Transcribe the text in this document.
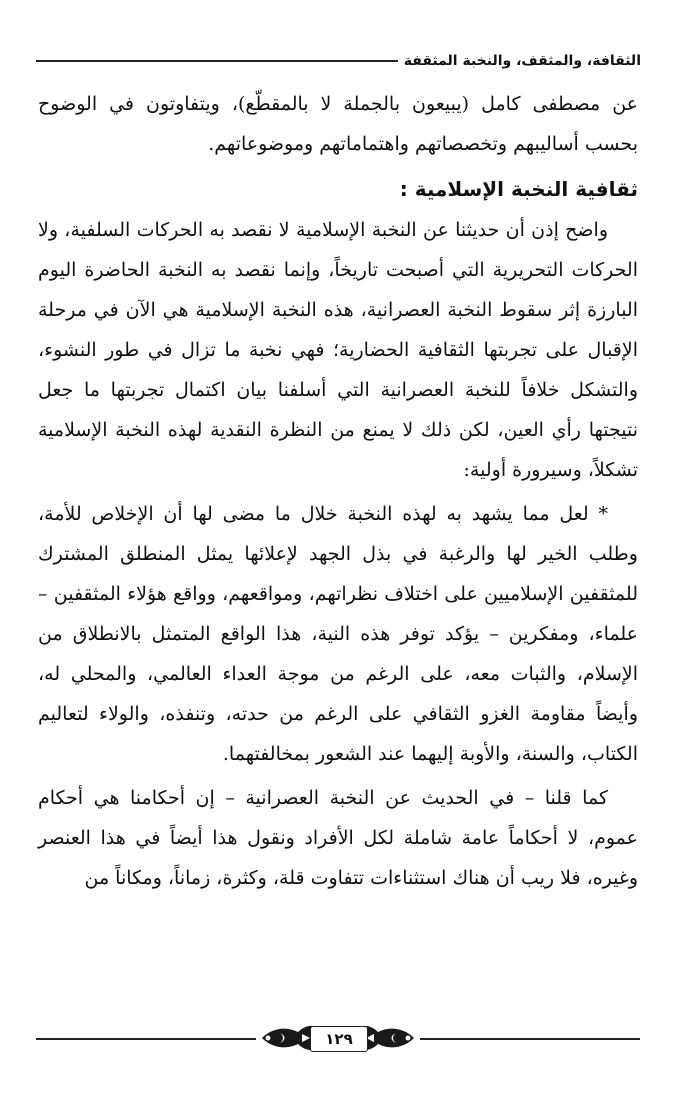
الثقافة، والمثقف، والنخبة المثقفة

عن مصطفى كامل (يبيعون بالجملة لا بالمقطّع)، ويتفاوتون في الوضوح بحسب أساليبهم وتخصصاتهم واهتماماتهم وموضوعاتهم.

ثقافية النخبة الإسلامية :

واضح إذن أن حديثنا عن النخبة الإسلامية لا نقصد به الحركات السلفية، ولا الحركات التحريرية التي أصبحت تاريخاً، وإنما نقصد به النخبة الحاضرة اليوم البارزة إثر سقوط النخبة العصرانية، هذه النخبة الإسلامية هي الآن في مرحلة الإقبال على تجربتها الثقافية الحضارية؛ فهي نخبة ما تزال في طور النشوء، والتشكل خلافاً للنخبة العصرانية التي أسلفنا بيان اكتمال تجربتها ما جعل نتيجتها رأي العين، لكن ذلك لا يمنع من النظرة النقدية لهذه النخبة الإسلامية تشكلاً، وسيرورة أولية:

* لعل مما يشهد به لهذه النخبة خلال ما مضى لها أن الإخلاص للأمة، وطلب الخير لها والرغبة في بذل الجهد لإعلائها يمثل المنطلق المشترك للمثقفين الإسلاميين على اختلاف نظراتهم، ومواقعهم، وواقع هؤلاء المثقفين – علماء، ومفكرين – يؤكد توفر هذه النية، هذا الواقع المتمثل بالانطلاق من الإسلام، والثبات معه، على الرغم من موجة العداء العالمي، والمحلي له، وأيضاً مقاومة الغزو الثقافي على الرغم من حدته، وتنفذه، والولاء لتعاليم الكتاب، والسنة، والأوبة إليهما عند الشعور بمخالفتهما.

كما قلنا – في الحديث عن النخبة العصرانية – إن أحكامنا هي أحكام عموم، لا أحكاماً عامة شاملة لكل الأفراد ونقول هذا أيضاً في هذا العنصر وغيره، فلا ريب أن هناك استثناءات تتفاوت قلة، وكثرة، زماناً، ومكاناً من

١٢٩
